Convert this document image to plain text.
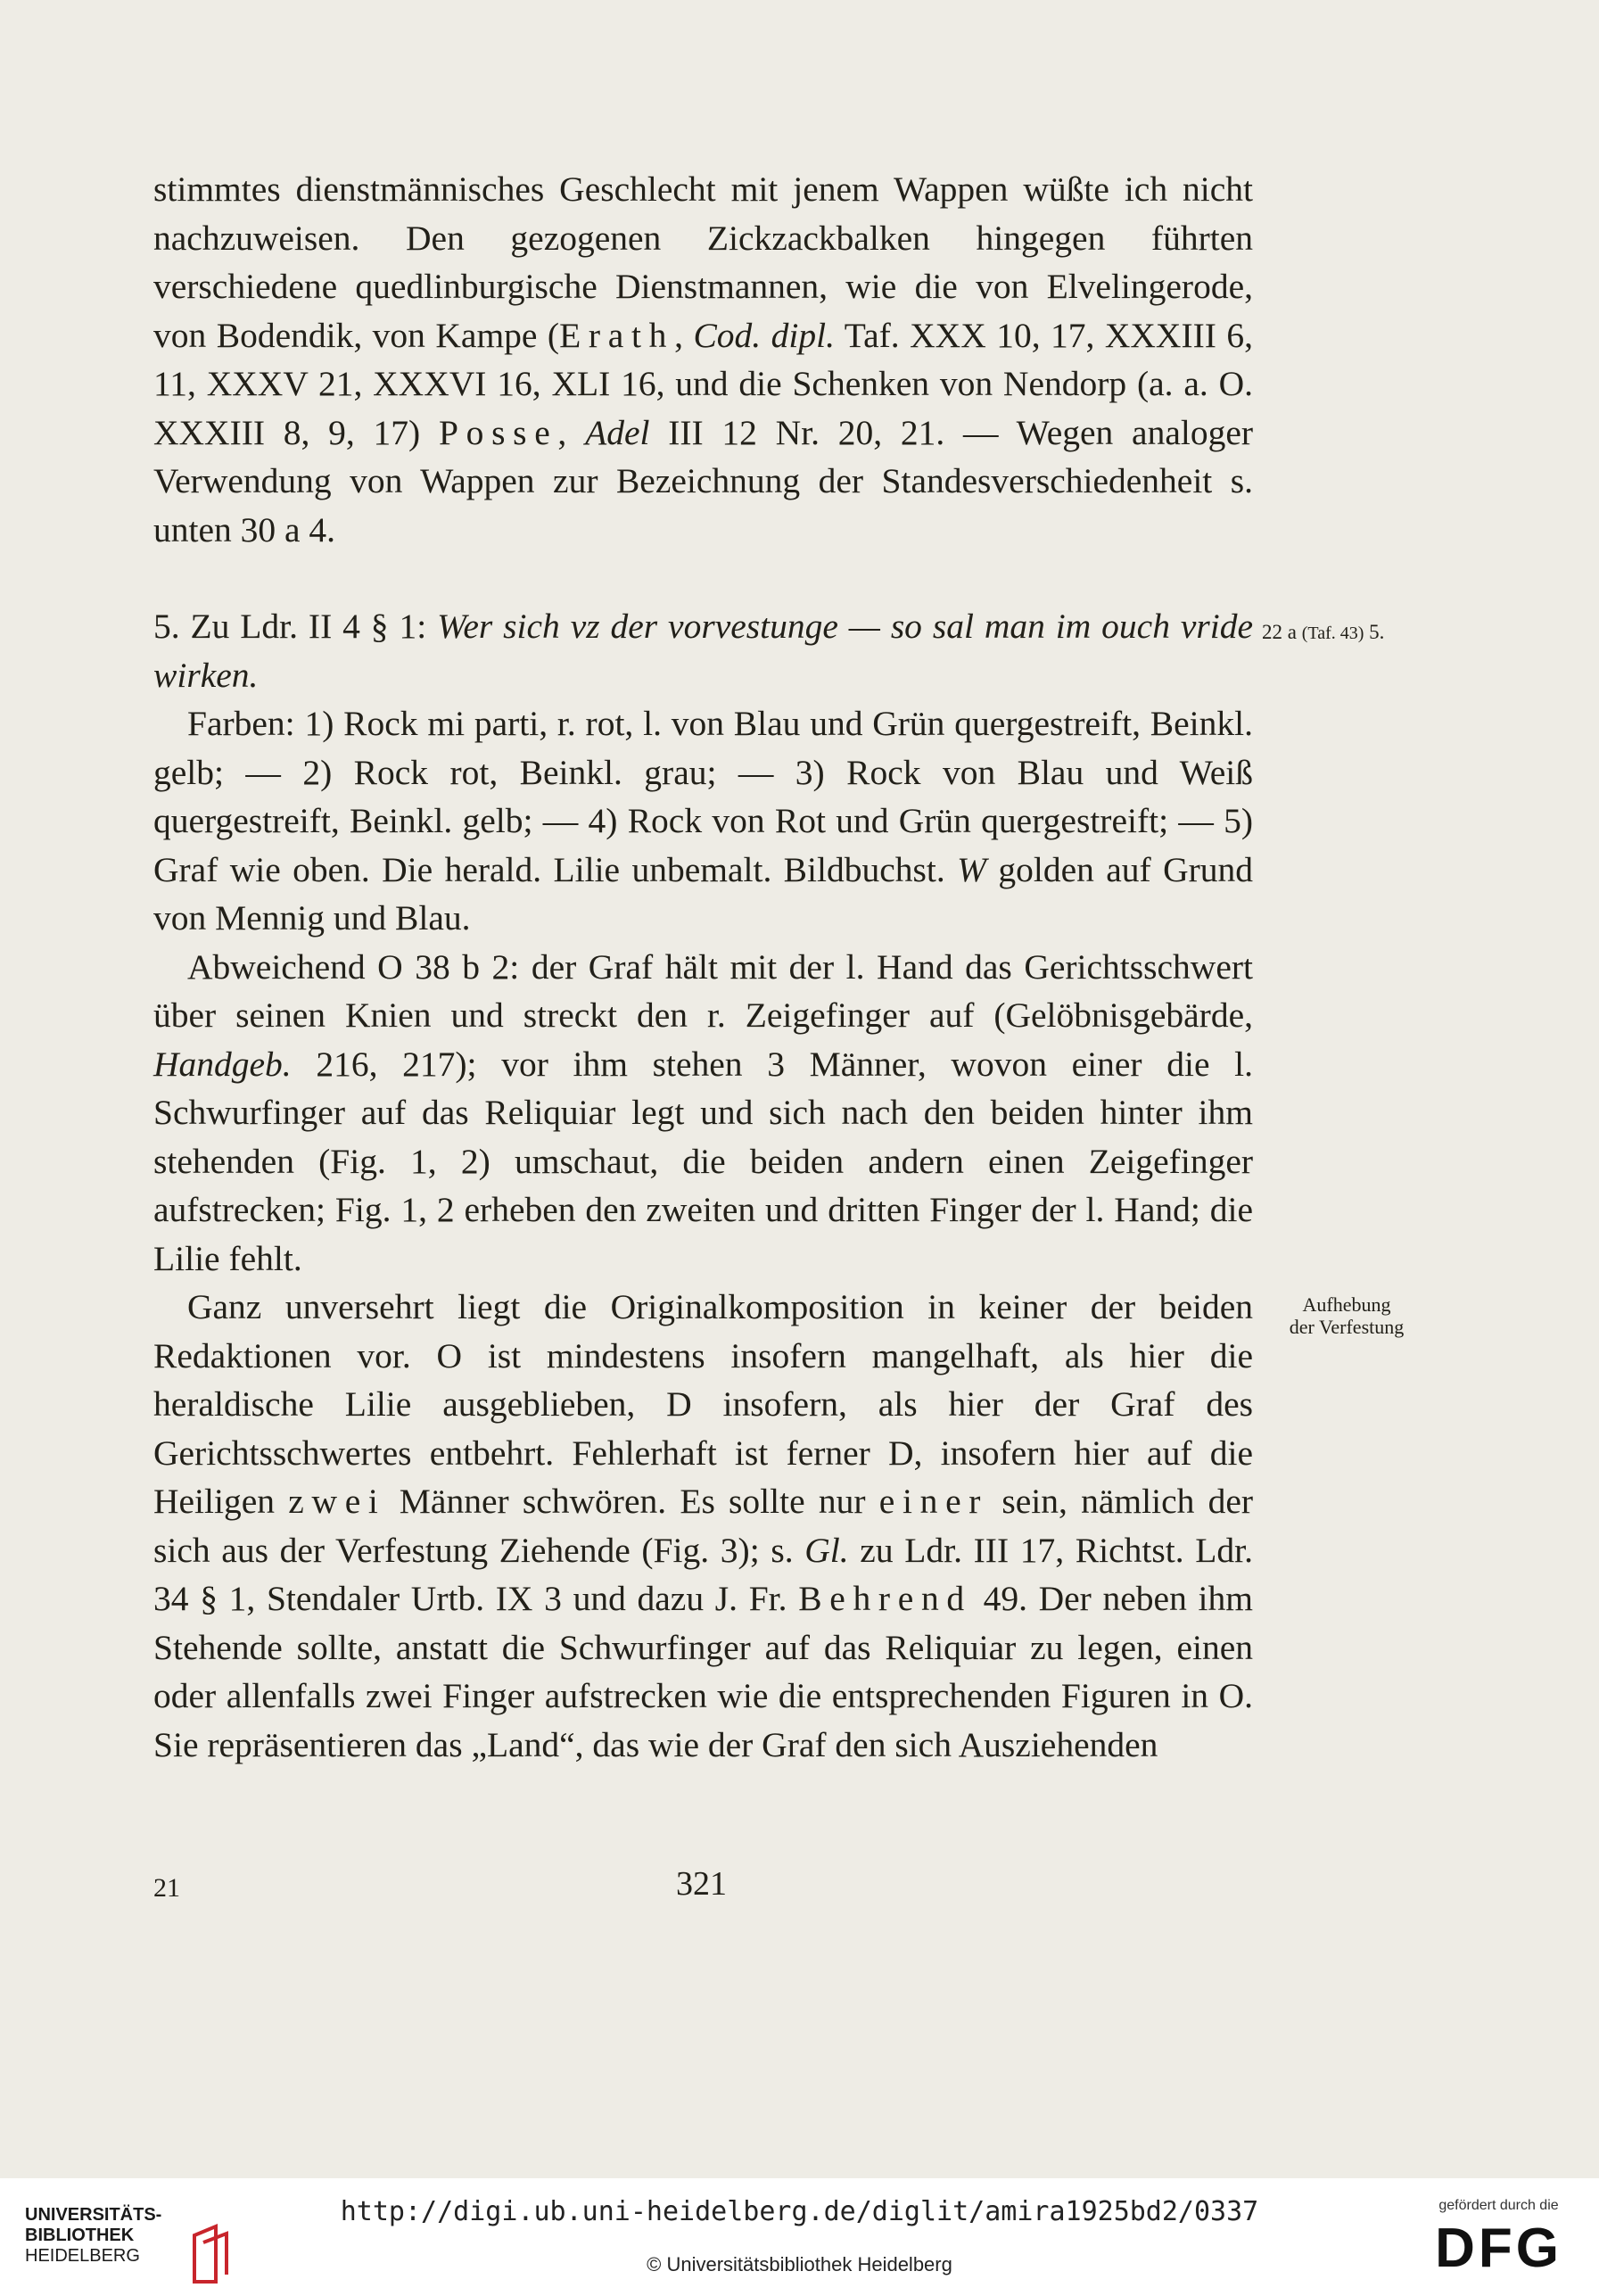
stimmtes dienstmännisches Geschlecht mit jenem Wappen wüßte ich nicht nachzuweisen. Den gezogenen Zickzackbalken hingegen führten verschiedene quedlinburgische Dienstmannen, wie die von Elvelingerode, von Bodendik, von Kampe (Erath, Cod. dipl. Taf. XXX 10, 17, XXXIII 6, 11, XXXV 21, XXXVI 16, XLI 16, und die Schenken von Nendorp (a. a. O. XXXIII 8, 9, 17) Posse, Adel III 12 Nr. 20, 21. — Wegen analoger Verwendung von Wappen zur Bezeichnung der Standesverschiedenheit s. unten 30 a 4.

5. Zu Ldr. II 4 § 1: Wer sich vz der vorvestunge — so sal man im ouch vride wirken.

Farben: 1) Rock mi parti, r. rot, l. von Blau und Grün quergestreift, Beinkl. gelb; — 2) Rock rot, Beinkl. grau; — 3) Rock von Blau und Weiß quergestreift, Beinkl. gelb; — 4) Rock von Rot und Grün quergestreift; — 5) Graf wie oben. Die herald. Lilie unbemalt. Bildbuchst. W golden auf Grund von Mennig und Blau.

Abweichend O 38 b 2: der Graf hält mit der l. Hand das Gerichtsschwert über seinen Knien und streckt den r. Zeigefinger auf (Gelöbnisgebärde, Handgeb. 216, 217); vor ihm stehen 3 Männer, wovon einer die l. Schwurfinger auf das Reliquiar legt und sich nach den beiden hinter ihm stehenden (Fig. 1, 2) umschaut, die beiden andern einen Zeigefinger aufstrecken; Fig. 1, 2 erheben den zweiten und dritten Finger der l. Hand; die Lilie fehlt.

Ganz unversehrt liegt die Originalkomposition in keiner der beiden Redaktionen vor. O ist mindestens insofern mangelhaft, als hier die heraldische Lilie ausgeblieben, D insofern, als hier der Graf des Gerichtsschwertes entbehrt. Fehlerhaft ist ferner D, insofern hier auf die Heiligen zwei Männer schwören. Es sollte nur einer sein, nämlich der sich aus der Verfestung Ziehende (Fig. 3); s. Gl. zu Ldr. III 17, Richtst. Ldr. 34 § 1, Stendaler Urtb. IX 3 und dazu J. Fr. Behrend 49. Der neben ihm Stehende sollte, anstatt die Schwurfinger auf das Reliquiar zu legen, einen oder allenfalls zwei Finger aufstrecken wie die entsprechenden Figuren in O. Sie repräsentieren das „Land“, das wie der Graf den sich Ausziehenden

22 a (Taf. 43) 5.
Aufhebung
der Verfestung
21	321
UNIVERSITÄTS-
BIBLIOTHEK
HEIDELBERG
http://digi.ub.uni-heidelberg.de/diglit/amira1925bd2/0337
© Universitätsbibliothek Heidelberg
gefördert durch die
DFG
